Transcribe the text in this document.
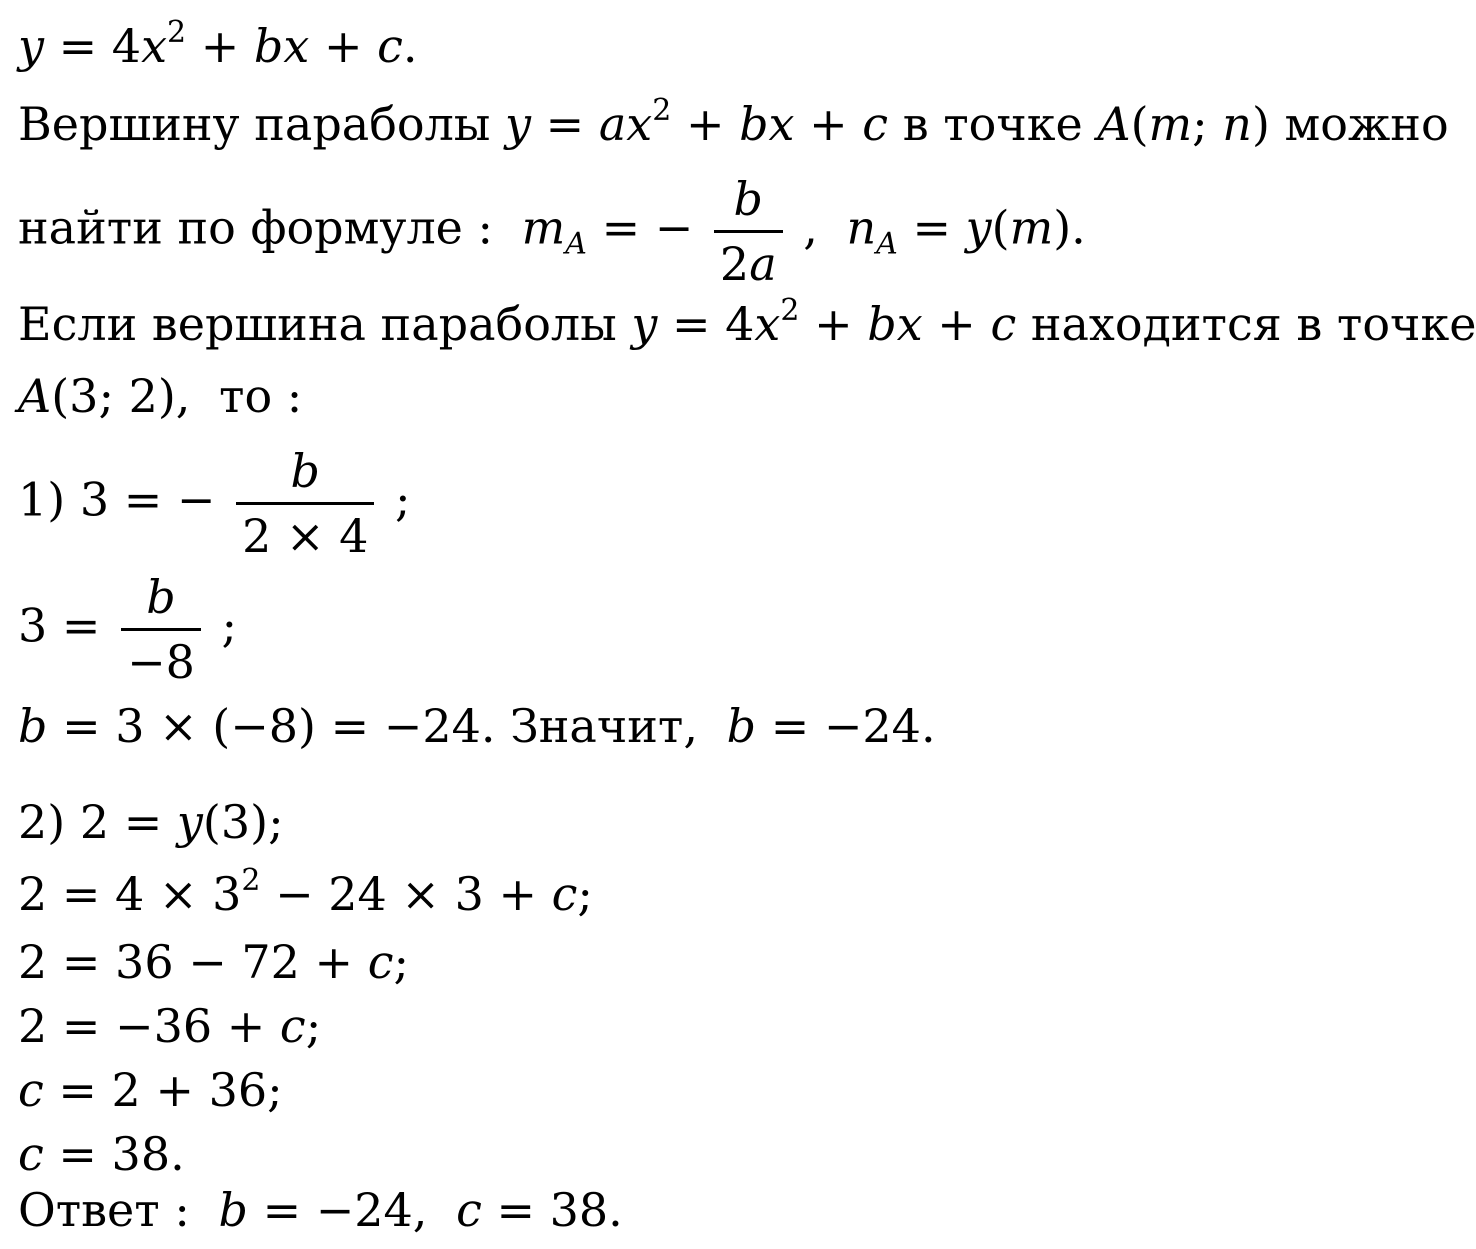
$y = 4x^2$ + bx + c.
Вершину параболы $y = ax^2$ + bx + c в точке A(m; n) можно
найти по формуле : $m_A$ = − $\frac{b}{2a}$ , $n_A = y(m)$.
Если вершина параболы $y = 4x^2$ + bx + c находится в точке
A(3; 2), то :
1) 3 = − $\frac{b}{2 \times 4}$ ;
$3 = \frac{b}{-8}$ ;
b = 3 × (−8) = −24. Значит, b = −24.
2) 2 = y(3);
$2 = 4 \times 3^2 - 24 \times 3 + c$;
2 = 36 − 72 + c;
2 = −36 + c;
c = 2 + 36;
c = 38.
Ответ : b = −24, c = 38.
